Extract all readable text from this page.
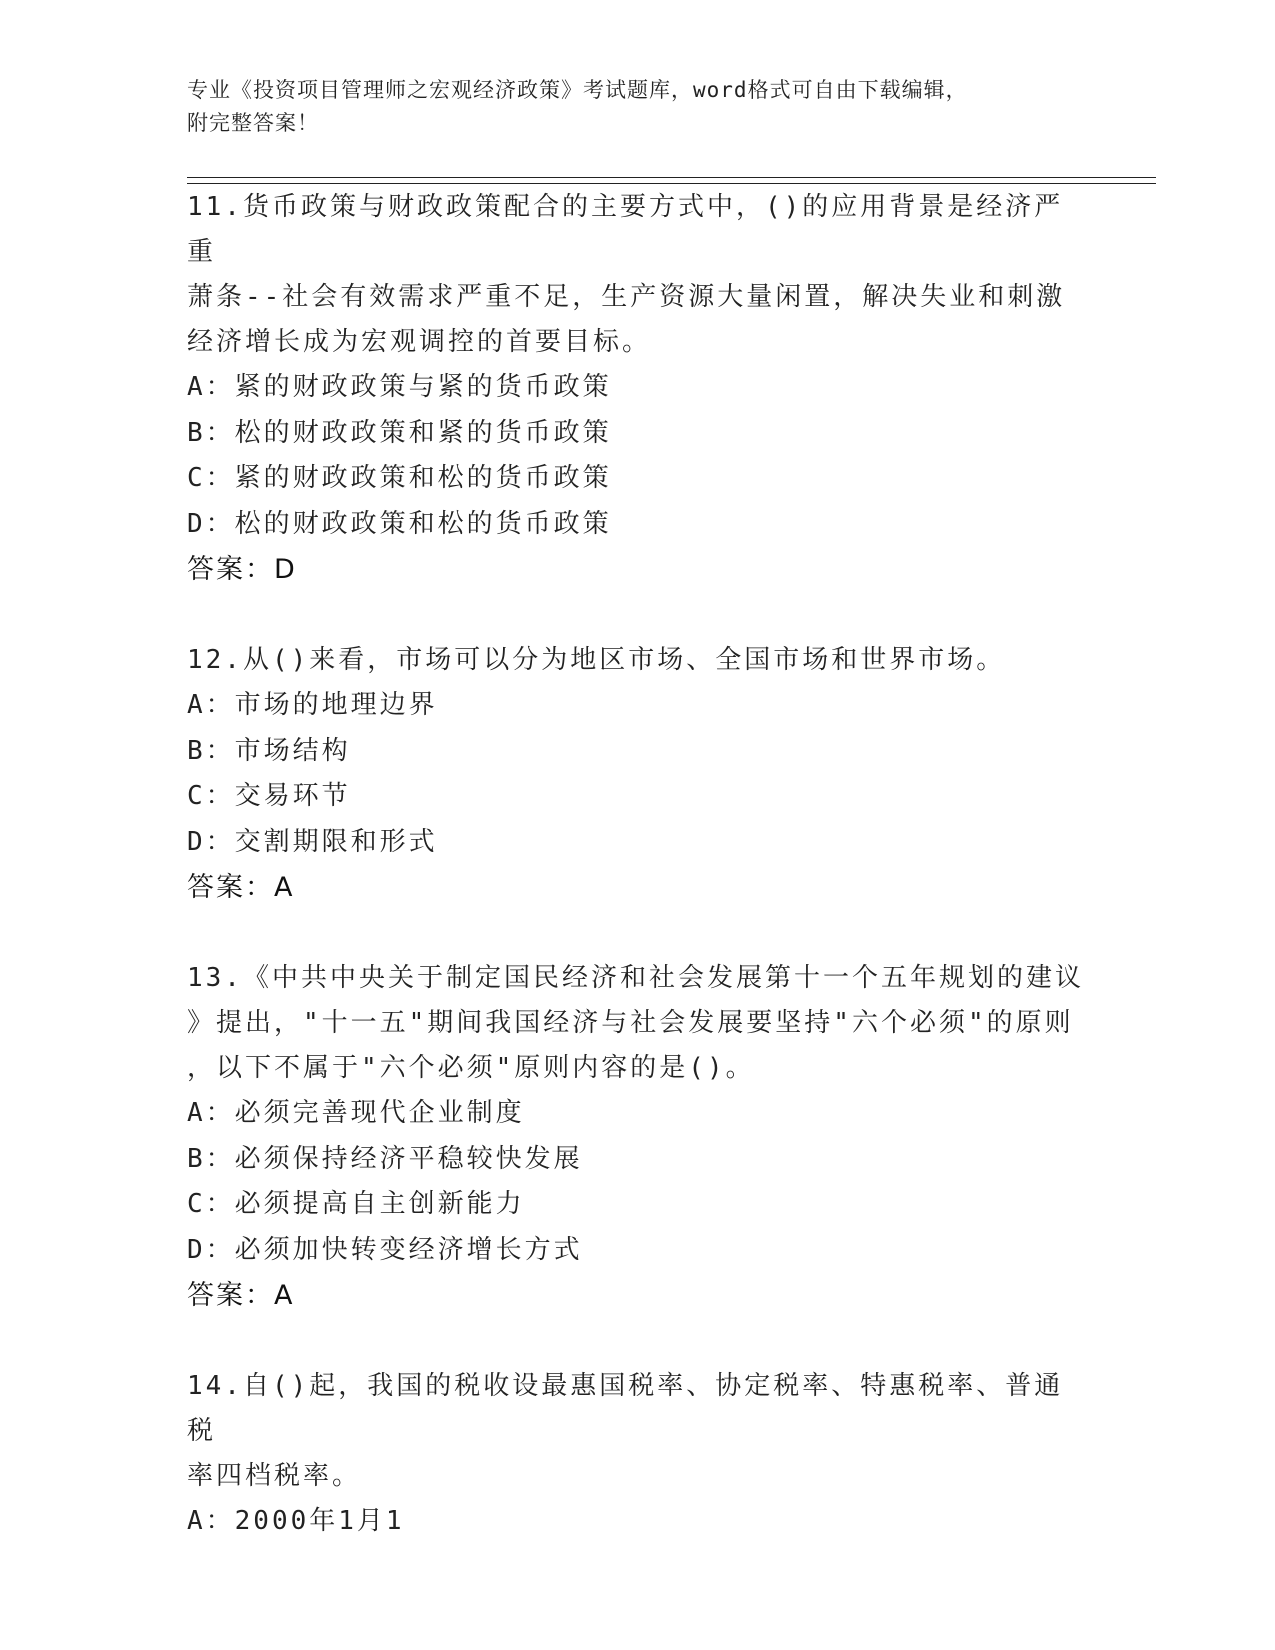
专业《投资项目管理师之宏观经济政策》考试题库，word格式可自由下载编辑，
附完整答案！
11.货币政策与财政政策配合的主要方式中，()的应用背景是经济严重
萧条--社会有效需求严重不足，生产资源大量闲置，解决失业和刺激
经济增长成为宏观调控的首要目标。
A：紧的财政政策与紧的货币政策
B：松的财政政策和紧的货币政策
C：紧的财政政策和松的货币政策
D：松的财政政策和松的货币政策
答案：D
12.从()来看，市场可以分为地区市场、全国市场和世界市场。
A：市场的地理边界
B：市场结构
C：交易环节
D：交割期限和形式
答案：A
13.《中共中央关于制定国民经济和社会发展第十一个五年规划的建议
》提出，"十一五"期间我国经济与社会发展要坚持"六个必须"的原则
，以下不属于"六个必须"原则内容的是()。
A：必须完善现代企业制度
B：必须保持经济平稳较快发展
C：必须提高自主创新能力
D：必须加快转变经济增长方式
答案：A
14.自()起，我国的税收设最惠国税率、协定税率、特惠税率、普通税
率四档税率。
A：2000年1月1
